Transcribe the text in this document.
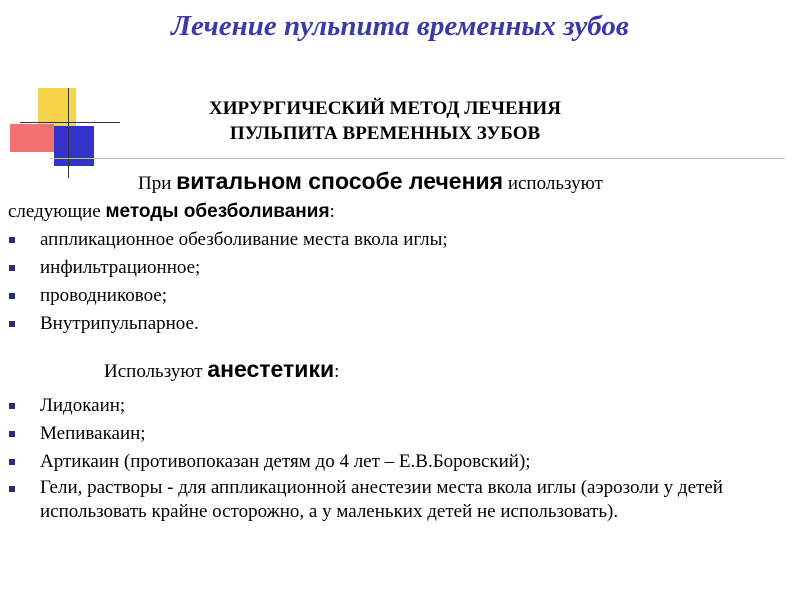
Лечение пульпита временных зубов
ХИРУРГИЧЕСКИЙ МЕТОД ЛЕЧЕНИЯ
ПУЛЬПИТА ВРЕМЕННЫХ ЗУБОВ
При витальном способе лечения используют
следующие методы обезболивания:
аппликационное обезболивание места вкола иглы;
инфильтрационное;
проводниковое;
Внутрипульпарное.
Используют анестетики:
Лидокаин;
Мепивакаин;
Артикаин (противопоказан детям до 4 лет – Е.В.Боровский);
Гели, растворы - для аппликационной анестезии места вкола иглы (аэрозоли у детей использовать крайне осторожно, а у маленьких детей не использовать).
